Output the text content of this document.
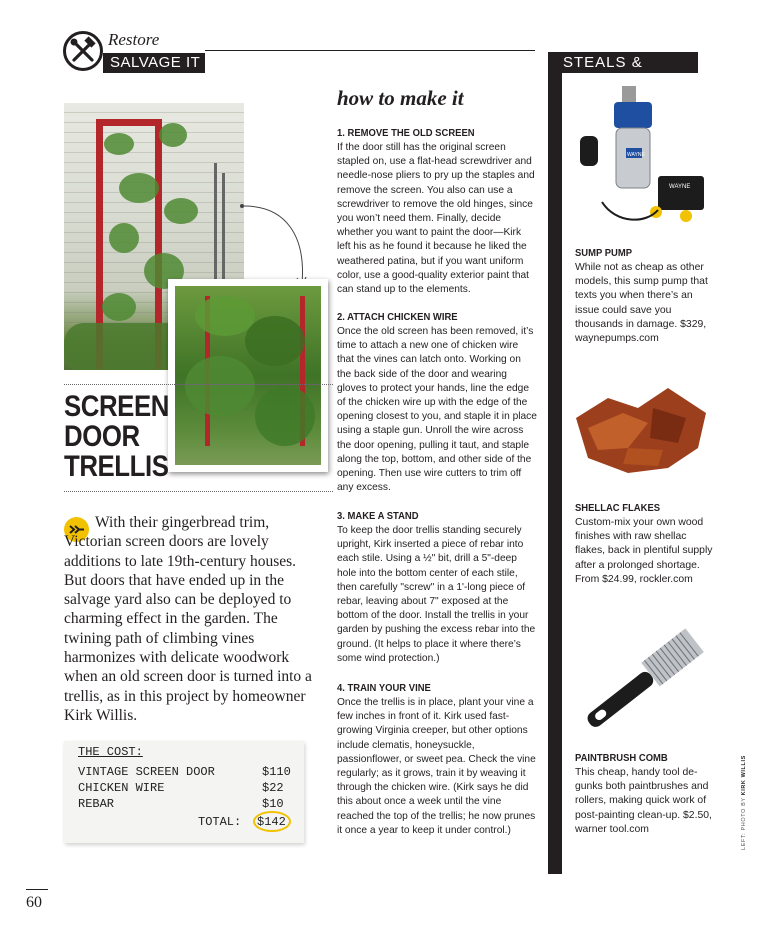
Restore
SALVAGE IT	STEALS & DEALS
SCREEN
DOOR
TRELLIS

With their gingerbread trim, Victorian screen doors are lovely additions to late 19th-century houses. But doors that have ended up in the salvage yard also can be deployed to charming effect in the garden. The twining path of climbing vines harmonizes with delicate woodwork when an old screen door is turned into a trellis, as in this project by homeowner Kirk Willis.

THE COST:
VINTAGE SCREEN DOOR	$110
CHICKEN WIRE	$22
REBAR	$10
TOTAL: $142
how to make it
1. REMOVE THE OLD SCREEN

If the door still has the original screen stapled on, use a flat-head screwdriver and needle-nose pliers to pry up the staples and remove the screen. You also can use a screwdriver to remove the old hinges, since you won’t need them. Finally, decide whether you want to paint the door—Kirk left his as he found it because he liked the weathered patina, but if you want uniform color, use a good-quality exterior paint that can stand up to the elements.

2. ATTACH CHICKEN WIRE

Once the old screen has been removed, it’s time to attach a new one of chicken wire that the vines can latch onto. Working on the back side of the door and wearing gloves to protect your hands, line the edge of the chicken wire up with the edge of the opening closest to you, and staple it in place using a staple gun. Unroll the wire across the door opening, pulling it taut, and staple along the top, bottom, and other side of the opening. Then use wire cutters to trim off any excess.

3. MAKE A STAND

To keep the door trellis standing securely upright, Kirk inserted a piece of rebar into each stile. Using a ½" bit, drill a 5"-deep hole into the bottom center of each stile, then carefully "screw" in a 1'-long piece of rebar, leaving about 7" exposed at the bottom of the door. Install the trellis in your garden by pushing the excess rebar into the ground. (It helps to place it where there’s some wind protection.)

4. TRAIN YOUR VINE

Once the trellis is in place, plant your vine a few inches in front of it. Kirk used fast-growing Virginia creeper, but other options include clematis, honeysuckle, passionflower, or sweet pea. Check the vine regularly; as it grows, train it by weaving it through the chicken wire. (Kirk says he did this about once a week until the vine reached the top of the trellis; he now prunes it once a year to keep it under control.)

WAYNE
WAYNE
SUMP PUMP

While not as cheap as other models, this sump pump that texts you when there’s an issue could save you thousands in damage. $329, waynepumps.com

SHELLAC FLAKES

Custom-mix your own wood finishes with raw shellac flakes, back in plentiful supply after a prolonged shortage. From $24.99, rockler.com

PAINTBRUSH COMB

This cheap, handy tool de-gunks both paintbrushes and rollers, making quick work of post-painting clean-up. $2.50, warner tool.com	LEFT: PHOTO BY KIRK WILLIS
60
